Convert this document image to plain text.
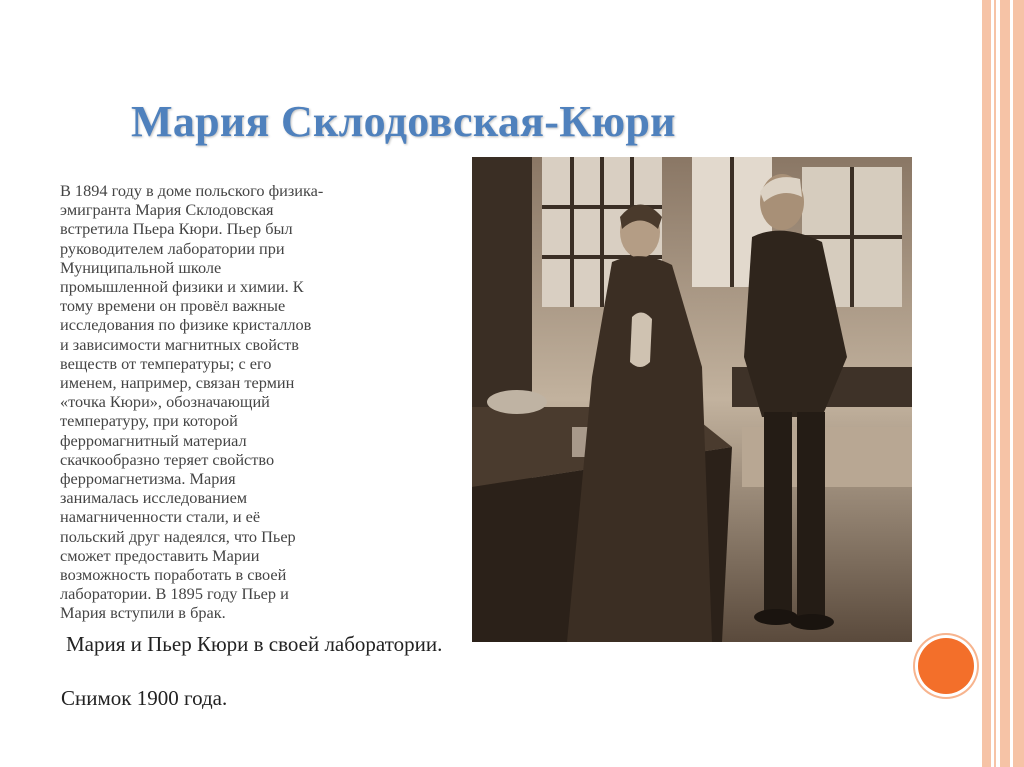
Мария Склодовская-Кюри

В 1894 году в доме польского физика-
эмигранта Мария Склодовская
встретила Пьера Кюри. Пьер был
руководителем лаборатории при
Муниципальной школе
промышленной физики и химии. К
тому времени он провёл важные
исследования по физике кристаллов
и зависимости магнитных свойств
веществ от температуры; с его
именем, например, связан термин
«точка Кюри», обозначающий
температуру, при которой
ферромагнитный материал
скачкообразно теряет свойство
ферромагнетизма. Мария
занималась исследованием
намагниченности стали, и её
польский друг надеялся, что Пьер
сможет предоставить Марии
возможность поработать в своей
лаборатории. В 1895 году Пьер и
Мария вступили в брак.

Мария и Пьер Кюри в своей лаборатории.

Снимок 1900 года.
